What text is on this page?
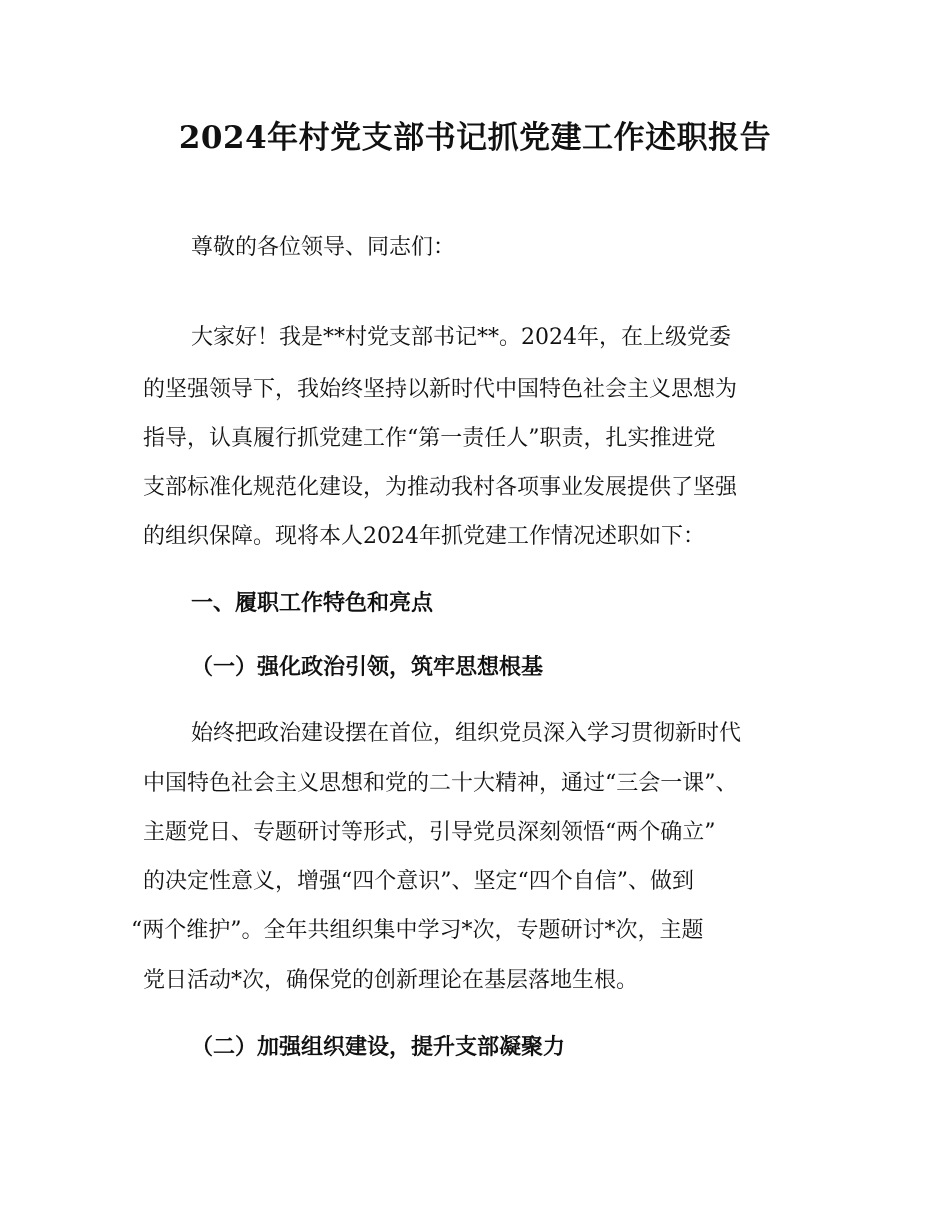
2024年村党支部书记抓党建工作述职报告

尊敬的各位领导、同志们：

大家好！我是**村党支部书记**。2024年，在上级党委

的坚强领导下，我始终坚持以新时代中国特色社会主义思想为

指导，认真履行抓党建工作“第一责任人”职责，扎实推进党

支部标准化规范化建设，为推动我村各项事业发展提供了坚强

的组织保障。现将本人2024年抓党建工作情况述职如下：

一、履职工作特色和亮点

（一）强化政治引领，筑牢思想根基

始终把政治建设摆在首位，组织党员深入学习贯彻新时代

中国特色社会主义思想和党的二十大精神，通过“三会一课”、

主题党日、专题研讨等形式，引导党员深刻领悟“两个确立”

的决定性意义，增强“四个意识”、坚定“四个自信”、做到

“两个维护”。全年共组织集中学习*次，专题研讨*次，主题

党日活动*次，确保党的创新理论在基层落地生根。

（二）加强组织建设，提升支部凝聚力
